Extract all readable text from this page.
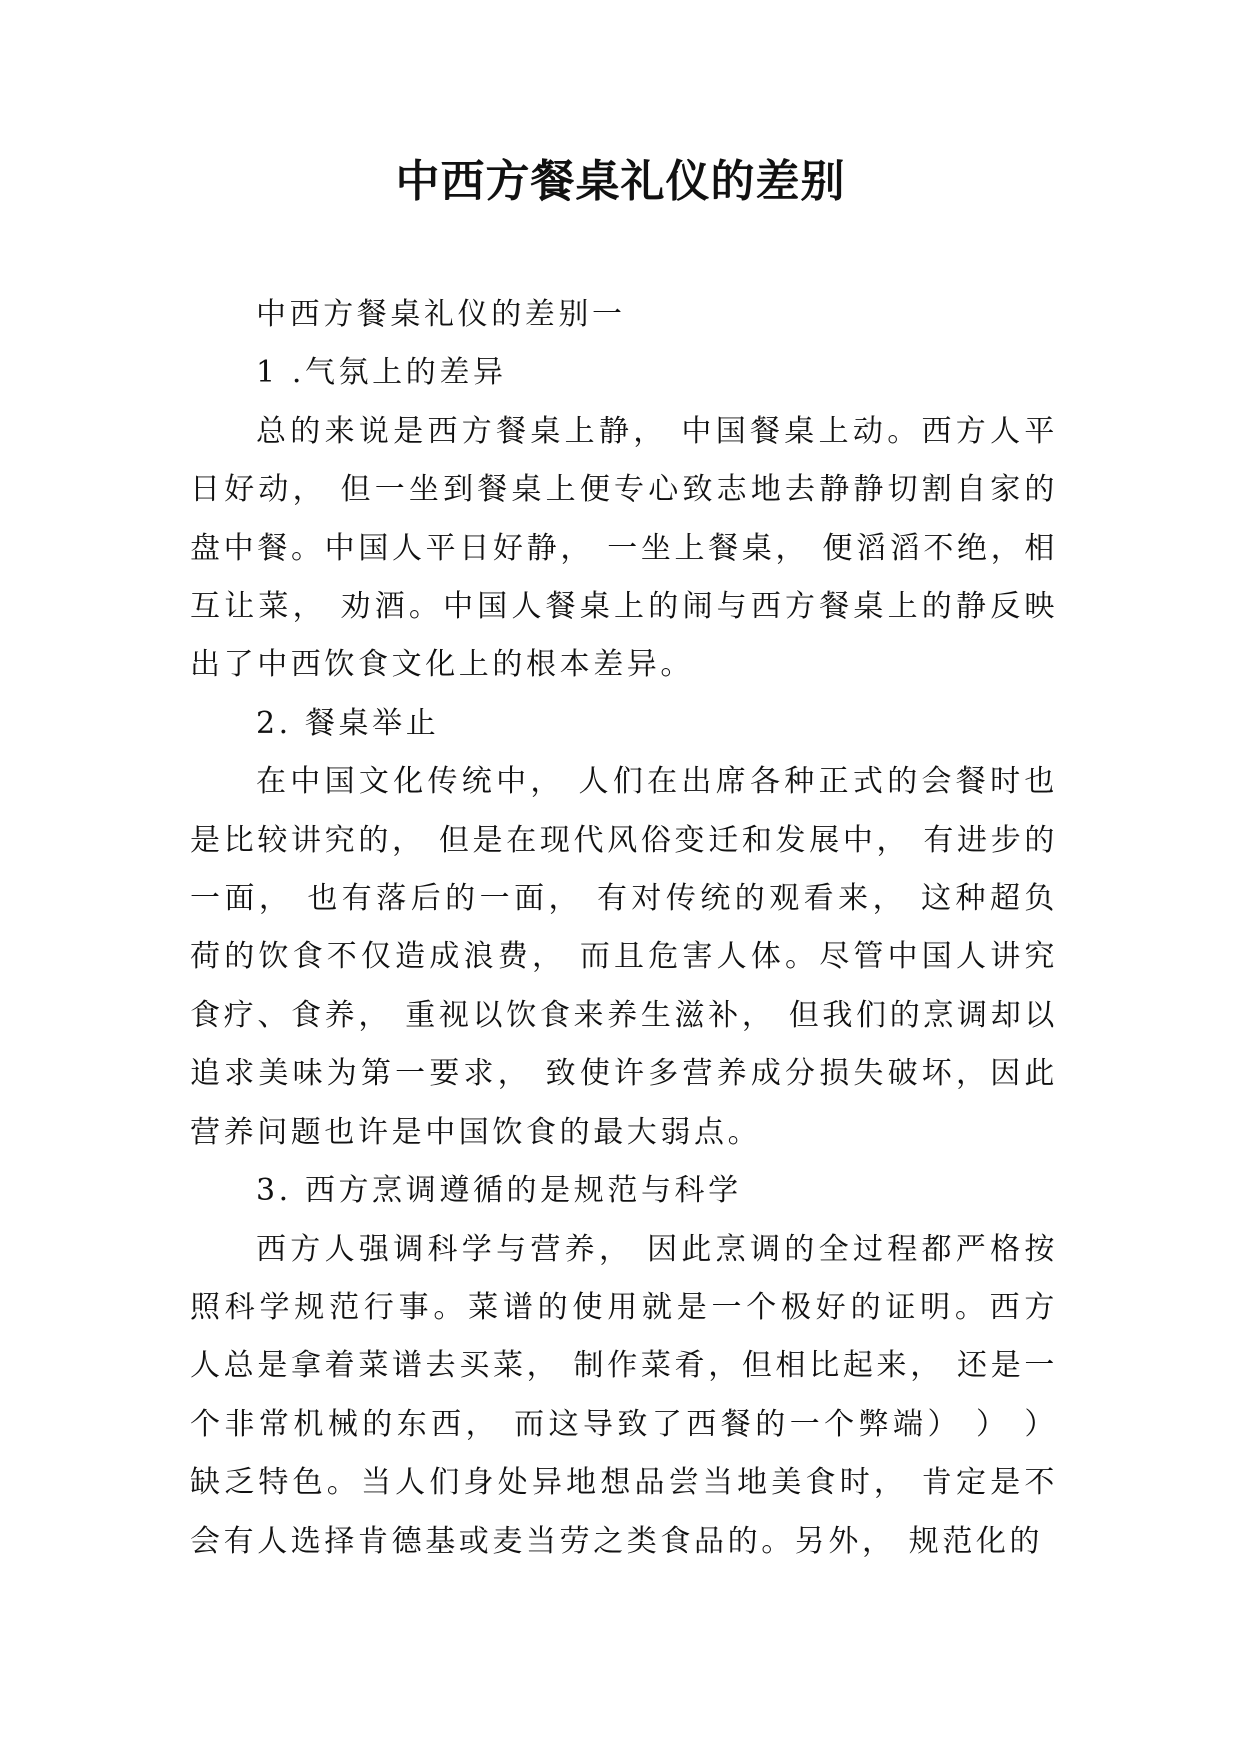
中西方餐桌礼仪的差别

中西方餐桌礼仪的差别一

1 .气氛上的差异

总的来说是西方餐桌上静， 中国餐桌上动。西方人平日好动， 但一坐到餐桌上便专心致志地去静静切割自家的盘中餐。中国人平日好静， 一坐上餐桌， 便滔滔不绝，相互让菜， 劝酒。中国人餐桌上的闹与西方餐桌上的静反映出了中西饮食文化上的根本差异。

2. 餐桌举止

在中国文化传统中， 人们在出席各种正式的会餐时也是比较讲究的， 但是在现代风俗变迁和发展中， 有进步的一面， 也有落后的一面， 有对传统的观看来， 这种超负荷的饮食不仅造成浪费， 而且危害人体。尽管中国人讲究食疗、食养， 重视以饮食来养生滋补， 但我们的烹调却以追求美味为第一要求， 致使许多营养成分损失破坏，因此营养问题也许是中国饮食的最大弱点。

3. 西方烹调遵循的是规范与科学

西方人强调科学与营养， 因此烹调的全过程都严格按照科学规范行事。菜谱的使用就是一个极好的证明。西方人总是拿着菜谱去买菜， 制作菜肴，但相比起来， 还是一个非常机械的东西， 而这导致了西餐的一个弊端） ） ）缺乏特色。当人们身处异地想品尝当地美食时， 肯定是不会有人选择肯德基或麦当劳之类食品的。另外， 规范化的
